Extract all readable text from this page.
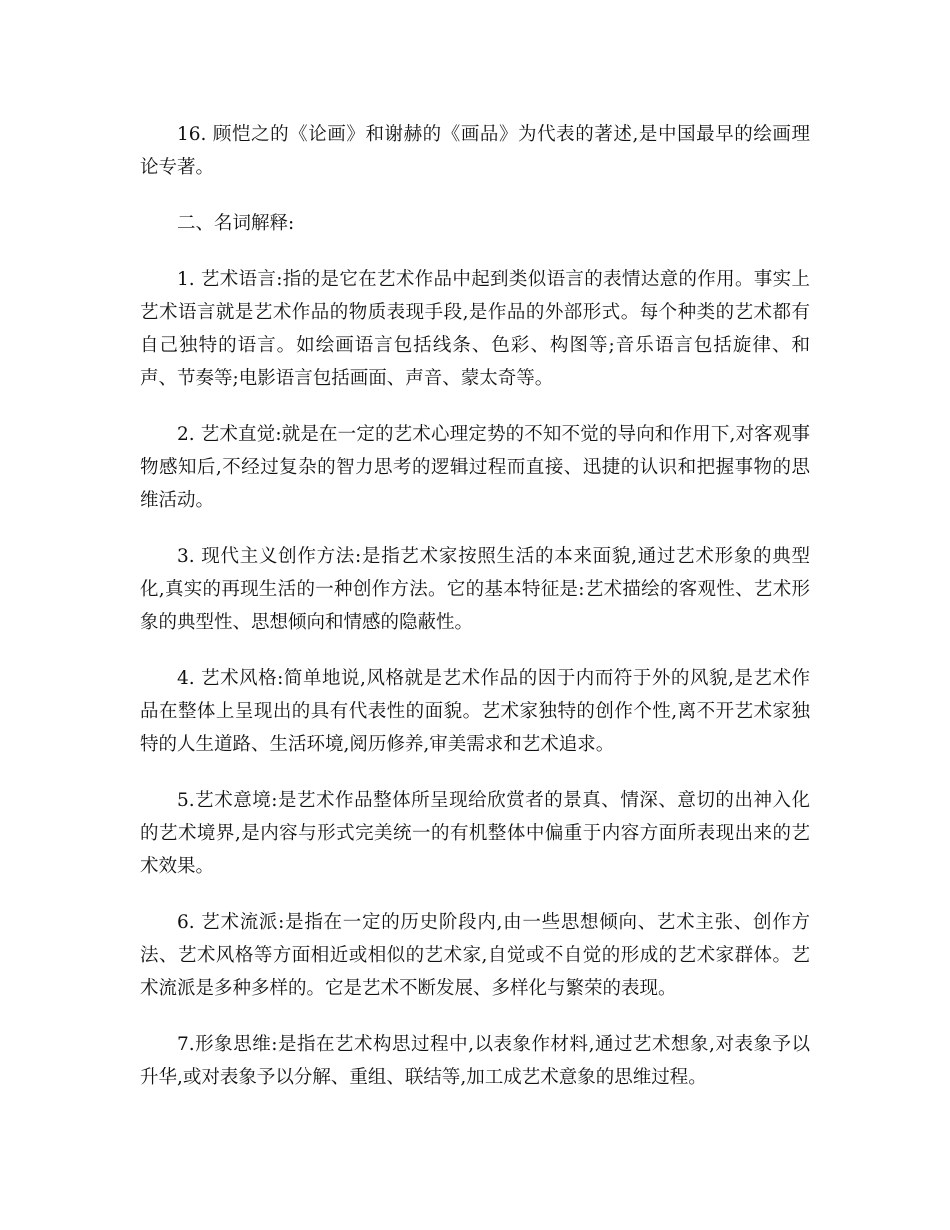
16. 顾恺之的《论画》和谢赫的《画品》为代表的著述,是中国最早的绘画理论专著。

二、名词解释:

1. 艺术语言:指的是它在艺术作品中起到类似语言的表情达意的作用。事实上艺术语言就是艺术作品的物质表现手段,是作品的外部形式。每个种类的艺术都有自己独特的语言。如绘画语言包括线条、色彩、构图等;音乐语言包括旋律、和声、节奏等;电影语言包括画面、声音、蒙太奇等。

2. 艺术直觉:就是在一定的艺术心理定势的不知不觉的导向和作用下,对客观事物感知后,不经过复杂的智力思考的逻辑过程而直接、迅捷的认识和把握事物的思维活动。

3. 现代主义创作方法:是指艺术家按照生活的本来面貌,通过艺术形象的典型化,真实的再现生活的一种创作方法。它的基本特征是:艺术描绘的客观性、艺术形象的典型性、思想倾向和情感的隐蔽性。

4. 艺术风格:简单地说,风格就是艺术作品的因于内而符于外的风貌,是艺术作品在整体上呈现出的具有代表性的面貌。艺术家独特的创作个性,离不开艺术家独特的人生道路、生活环境,阅历修养,审美需求和艺术追求。

5.艺术意境:是艺术作品整体所呈现给欣赏者的景真、情深、意切的出神入化的艺术境界,是内容与形式完美统一的有机整体中偏重于内容方面所表现出来的艺术效果。

6. 艺术流派:是指在一定的历史阶段内,由一些思想倾向、艺术主张、创作方法、艺术风格等方面相近或相似的艺术家,自觉或不自觉的形成的艺术家群体。艺术流派是多种多样的。它是艺术不断发展、多样化与繁荣的表现。

7.形象思维:是指在艺术构思过程中,以表象作材料,通过艺术想象,对表象予以升华,或对表象予以分解、重组、联结等,加工成艺术意象的思维过程。
